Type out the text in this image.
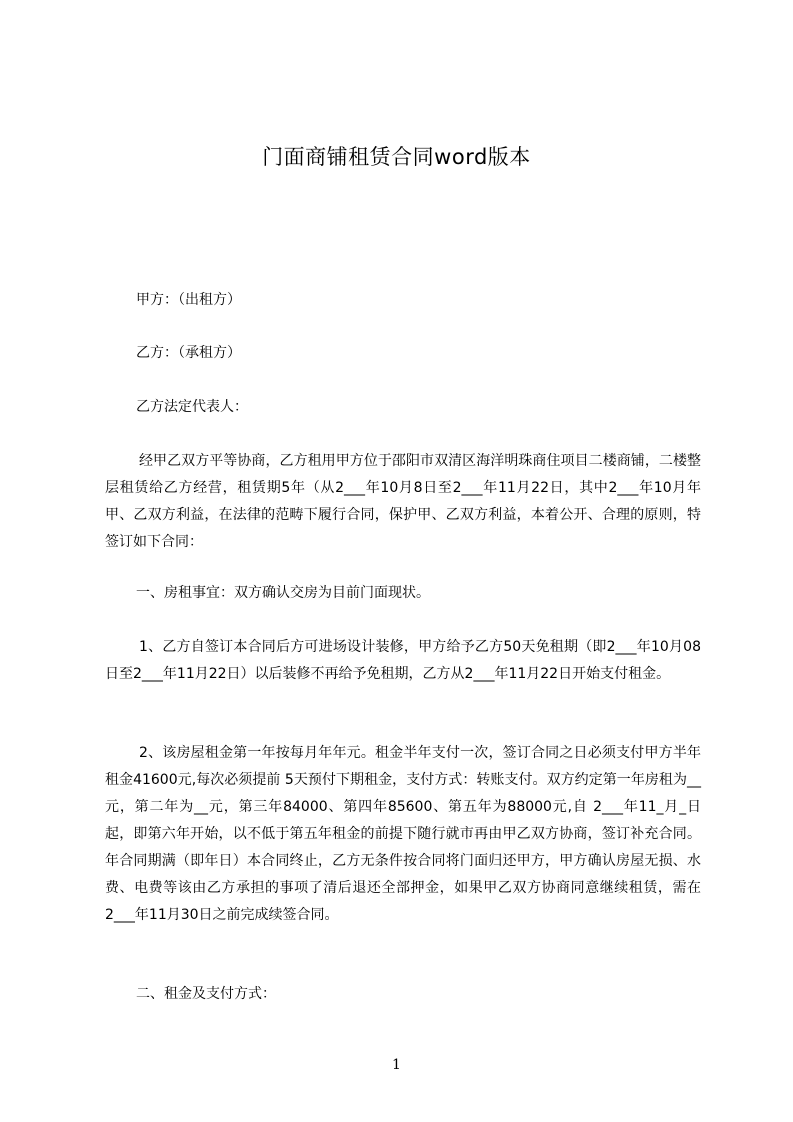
门面商铺租赁合同word版本

甲方：（出租方）

乙方：（承租方）

乙方法定代表人：

经甲乙双方平等协商，乙方租用甲方位于邵阳市双清区海洋明珠商住项目二楼商铺，二楼整层租赁给乙方经营，租赁期5年（从2___年10月8日至2___年11月22日，其中2___年10月年甲、乙双方利益，在法律的范畴下履行合同，保护甲、乙双方利益，本着公开、合理的原则，特签订如下合同：

一、房租事宜：双方确认交房为目前门面现状。

1、乙方自签订本合同后方可进场设计装修，甲方给予乙方50天免租期（即2___年10月08日至2___年11月22日）以后装修不再给予免租期，乙方从2___年11月22日开始支付租金。

2、该房屋租金第一年按每月年年元。租金半年支付一次，签订合同之日必须支付甲方半年租金41600元,每次必须提前 5天预付下期租金，支付方式：转账支付。双方约定第一年房租为__元，第二年为__元，第三年84000、第四年85600、第五年为88000元,自 2___年11_月_日起，即第六年开始，以不低于第五年租金的前提下随行就市再由甲乙双方协商，签订补充合同。年合同期满（即年日）本合同终止，乙方无条件按合同将门面归还甲方，甲方确认房屋无损、水费、电费等该由乙方承担的事项了清后退还全部押金，如果甲乙双方协商同意继续租赁，需在2___年11月30日之前完成续签合同。

二、租金及支付方式：

1
